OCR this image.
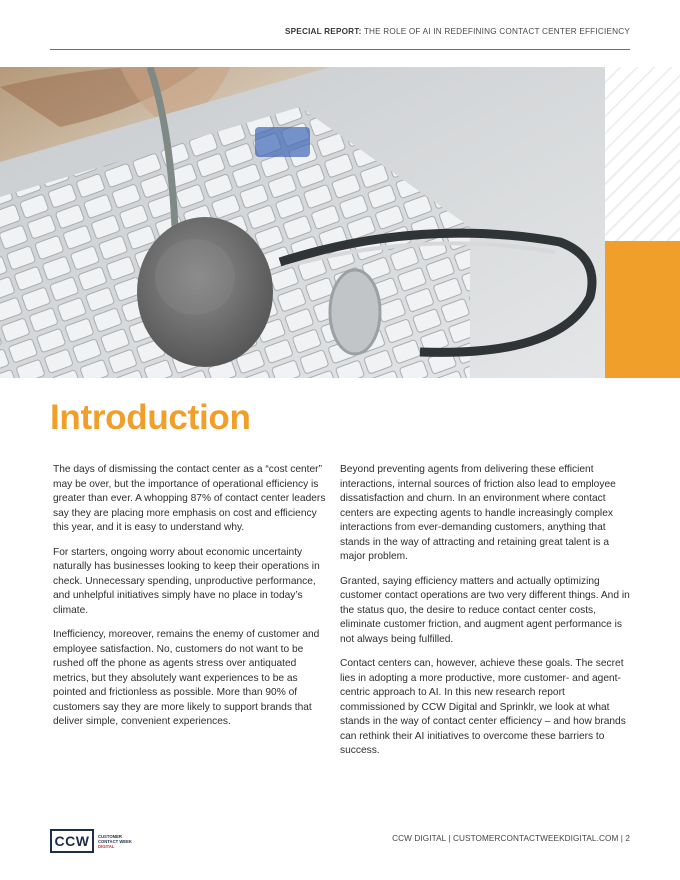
SPECIAL REPORT: THE ROLE OF AI IN REDEFINING CONTACT CENTER EFFICIENCY
Introduction

The days of dismissing the contact center as a “cost center” may be over, but the importance of operational efficiency is greater than ever. A whopping 87% of contact center leaders say they are placing more emphasis on cost and efficiency this year, and it is easy to understand why.

For starters, ongoing worry about economic uncertainty naturally has businesses looking to keep their operations in check. Unnecessary spending, unproductive performance, and unhelpful initiatives simply have no place in today’s climate.

Inefficiency, moreover, remains the enemy of customer and employee satisfaction. No, customers do not want to be rushed off the phone as agents stress over antiquated metrics, but they absolutely want experiences to be as pointed and frictionless as possible. More than 90% of customers say they are more likely to support brands that deliver simple, convenient experiences.

Beyond preventing agents from delivering these efficient interactions, internal sources of friction also lead to employee dissatisfaction and churn. In an environment where contact centers are expecting agents to handle increasingly complex interactions from ever-demanding customers, anything that stands in the way of attracting and retaining great talent is a major problem.

Granted, saying efficiency matters and actually optimizing customer contact operations are two very different things. And in the status quo, the desire to reduce contact center costs, eliminate customer friction, and augment agent performance is not always being fulfilled.

Contact centers can, however, achieve these goals. The secret lies in adopting a more productive, more customer- and agent-centric approach to AI. In this new research report commissioned by CCW Digital and Sprinklr, we look at what stands in the way of contact center efficiency – and how brands can rethink their AI initiatives to overcome these barriers to success.

CCW	CUSTOMER
CONTACT WEEK
DIGITAL
CCW DIGITAL | CUSTOMERCONTACTWEEKDIGITAL.COM | 2
